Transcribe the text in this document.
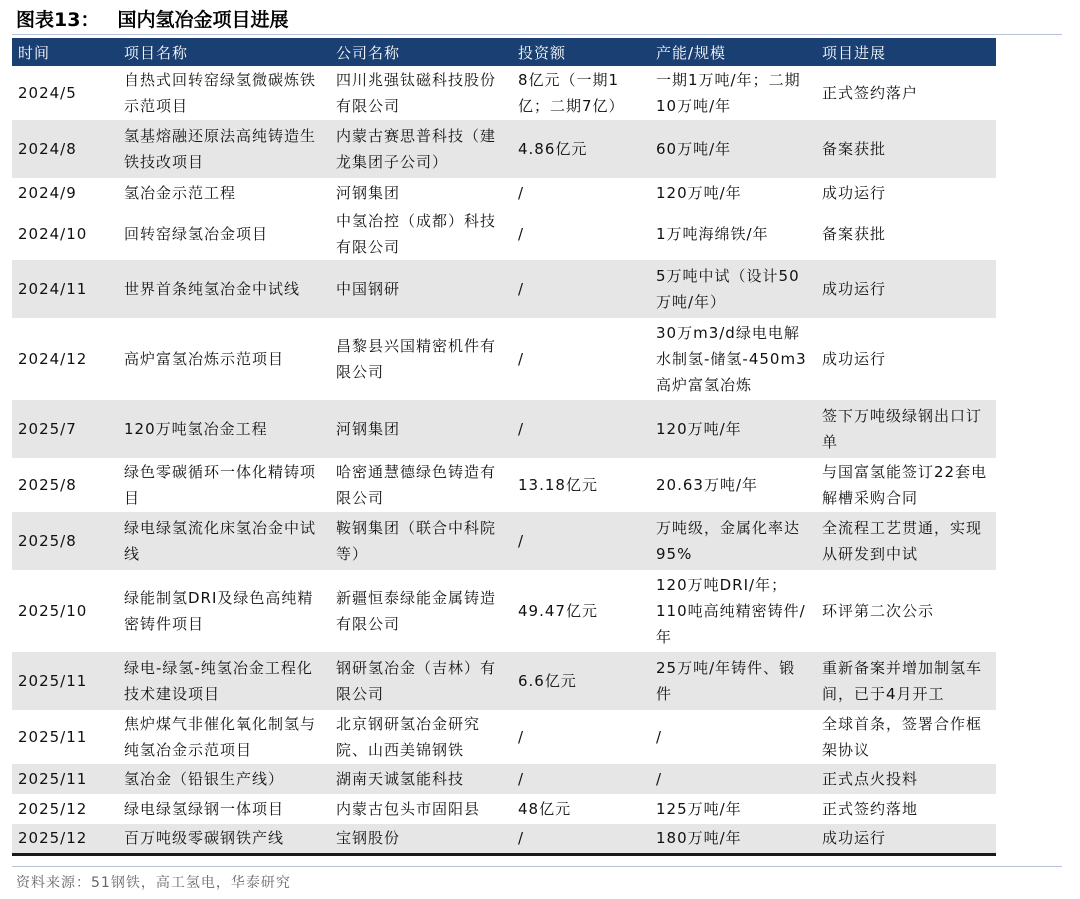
图表13： 国内氢冶金项目进展
时间	项目名称	公司名称	投资额	产能/规模	项目进展
2024/5	自热式回转窑绿氢微碳炼铁示范项目	四川兆强钛磁科技股份有限公司	8亿元（一期1亿；二期7亿）	一期1万吨/年；二期10万吨/年	正式签约落户
2024/8	氢基熔融还原法高纯铸造生铁技改项目	内蒙古赛思普科技（建龙集团子公司）	4.86亿元	60万吨/年	备案获批
2024/9	氢冶金示范工程	河钢集团	/	120万吨/年	成功运行
2024/10	回转窑绿氢冶金项目	中氢冶控（成都）科技有限公司	/	1万吨海绵铁/年	备案获批
2024/11	世界首条纯氢冶金中试线	中国钢研	/	5万吨中试（设计50万吨/年）	成功运行
2024/12	高炉富氢冶炼示范项目	昌黎县兴国精密机件有限公司	/	30万m3/d绿电电解水制氢-储氢-450m3高炉富氢冶炼	成功运行
2025/7	120万吨氢冶金工程	河钢集团	/	120万吨/年	签下万吨级绿钢出口订单
2025/8	绿色零碳循环一体化精铸项目	哈密通慧德绿色铸造有限公司	13.18亿元	20.63万吨/年	与国富氢能签订22套电解槽采购合同
2025/8	绿电绿氢流化床氢冶金中试线	鞍钢集团（联合中科院等）	/	万吨级，金属化率达95%	全流程工艺贯通，实现从研发到中试
2025/10	绿能制氢DRI及绿色高纯精密铸件项目	新疆恒泰绿能金属铸造有限公司	49.47亿元	120万吨DRI/年；110吨高纯精密铸件/年	环评第二次公示
2025/11	绿电-绿氢-纯氢冶金工程化技术建设项目	钢研氢冶金（吉林）有限公司	6.6亿元	25万吨/年铸件、锻件	重新备案并增加制氢车间，已于4月开工
2025/11	焦炉煤气非催化氧化制氢与纯氢冶金示范项目	北京钢研氢冶金研究院、山西美锦钢铁	/	/	全球首条，签署合作框架协议
2025/11	氢冶金（铅银生产线）	湖南天诚氢能科技	/	/	正式点火投料
2025/12	绿电绿氢绿钢一体项目	内蒙古包头市固阳县	48亿元	125万吨/年	正式签约落地
2025/12	百万吨级零碳钢铁产线	宝钢股份	/	180万吨/年	成功运行
资料来源：51钢铁，高工氢电，华泰研究
